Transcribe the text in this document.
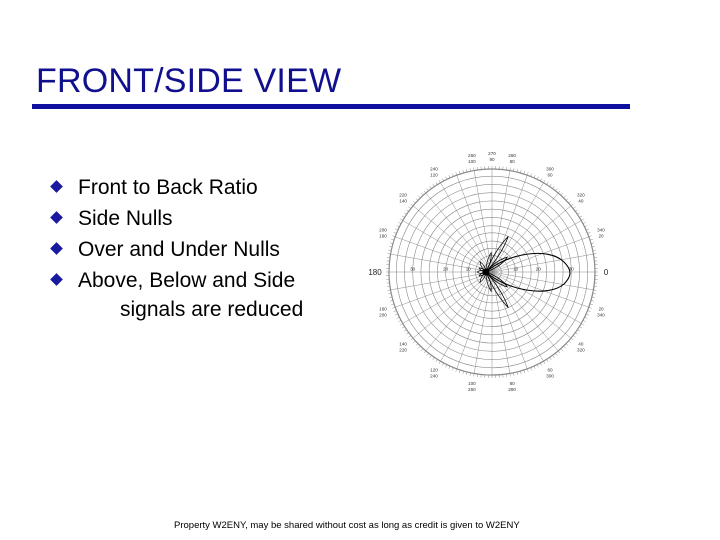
FRONT/SIDE VIEW
Front to Back Ratio
Side Nulls
Over and Under Nulls
Above, Below and Side
signals are reduced
270
90
280
80
260
100
300
60
240
120
320
40
220
140
340
20
200
160
20
340
40
320
60
300
80
280
100
260
120
240
140
220
160
200
180	0
10
10	20
20	30
30
Property W2ENY, may be shared without cost as long as credit is given to W2ENY
